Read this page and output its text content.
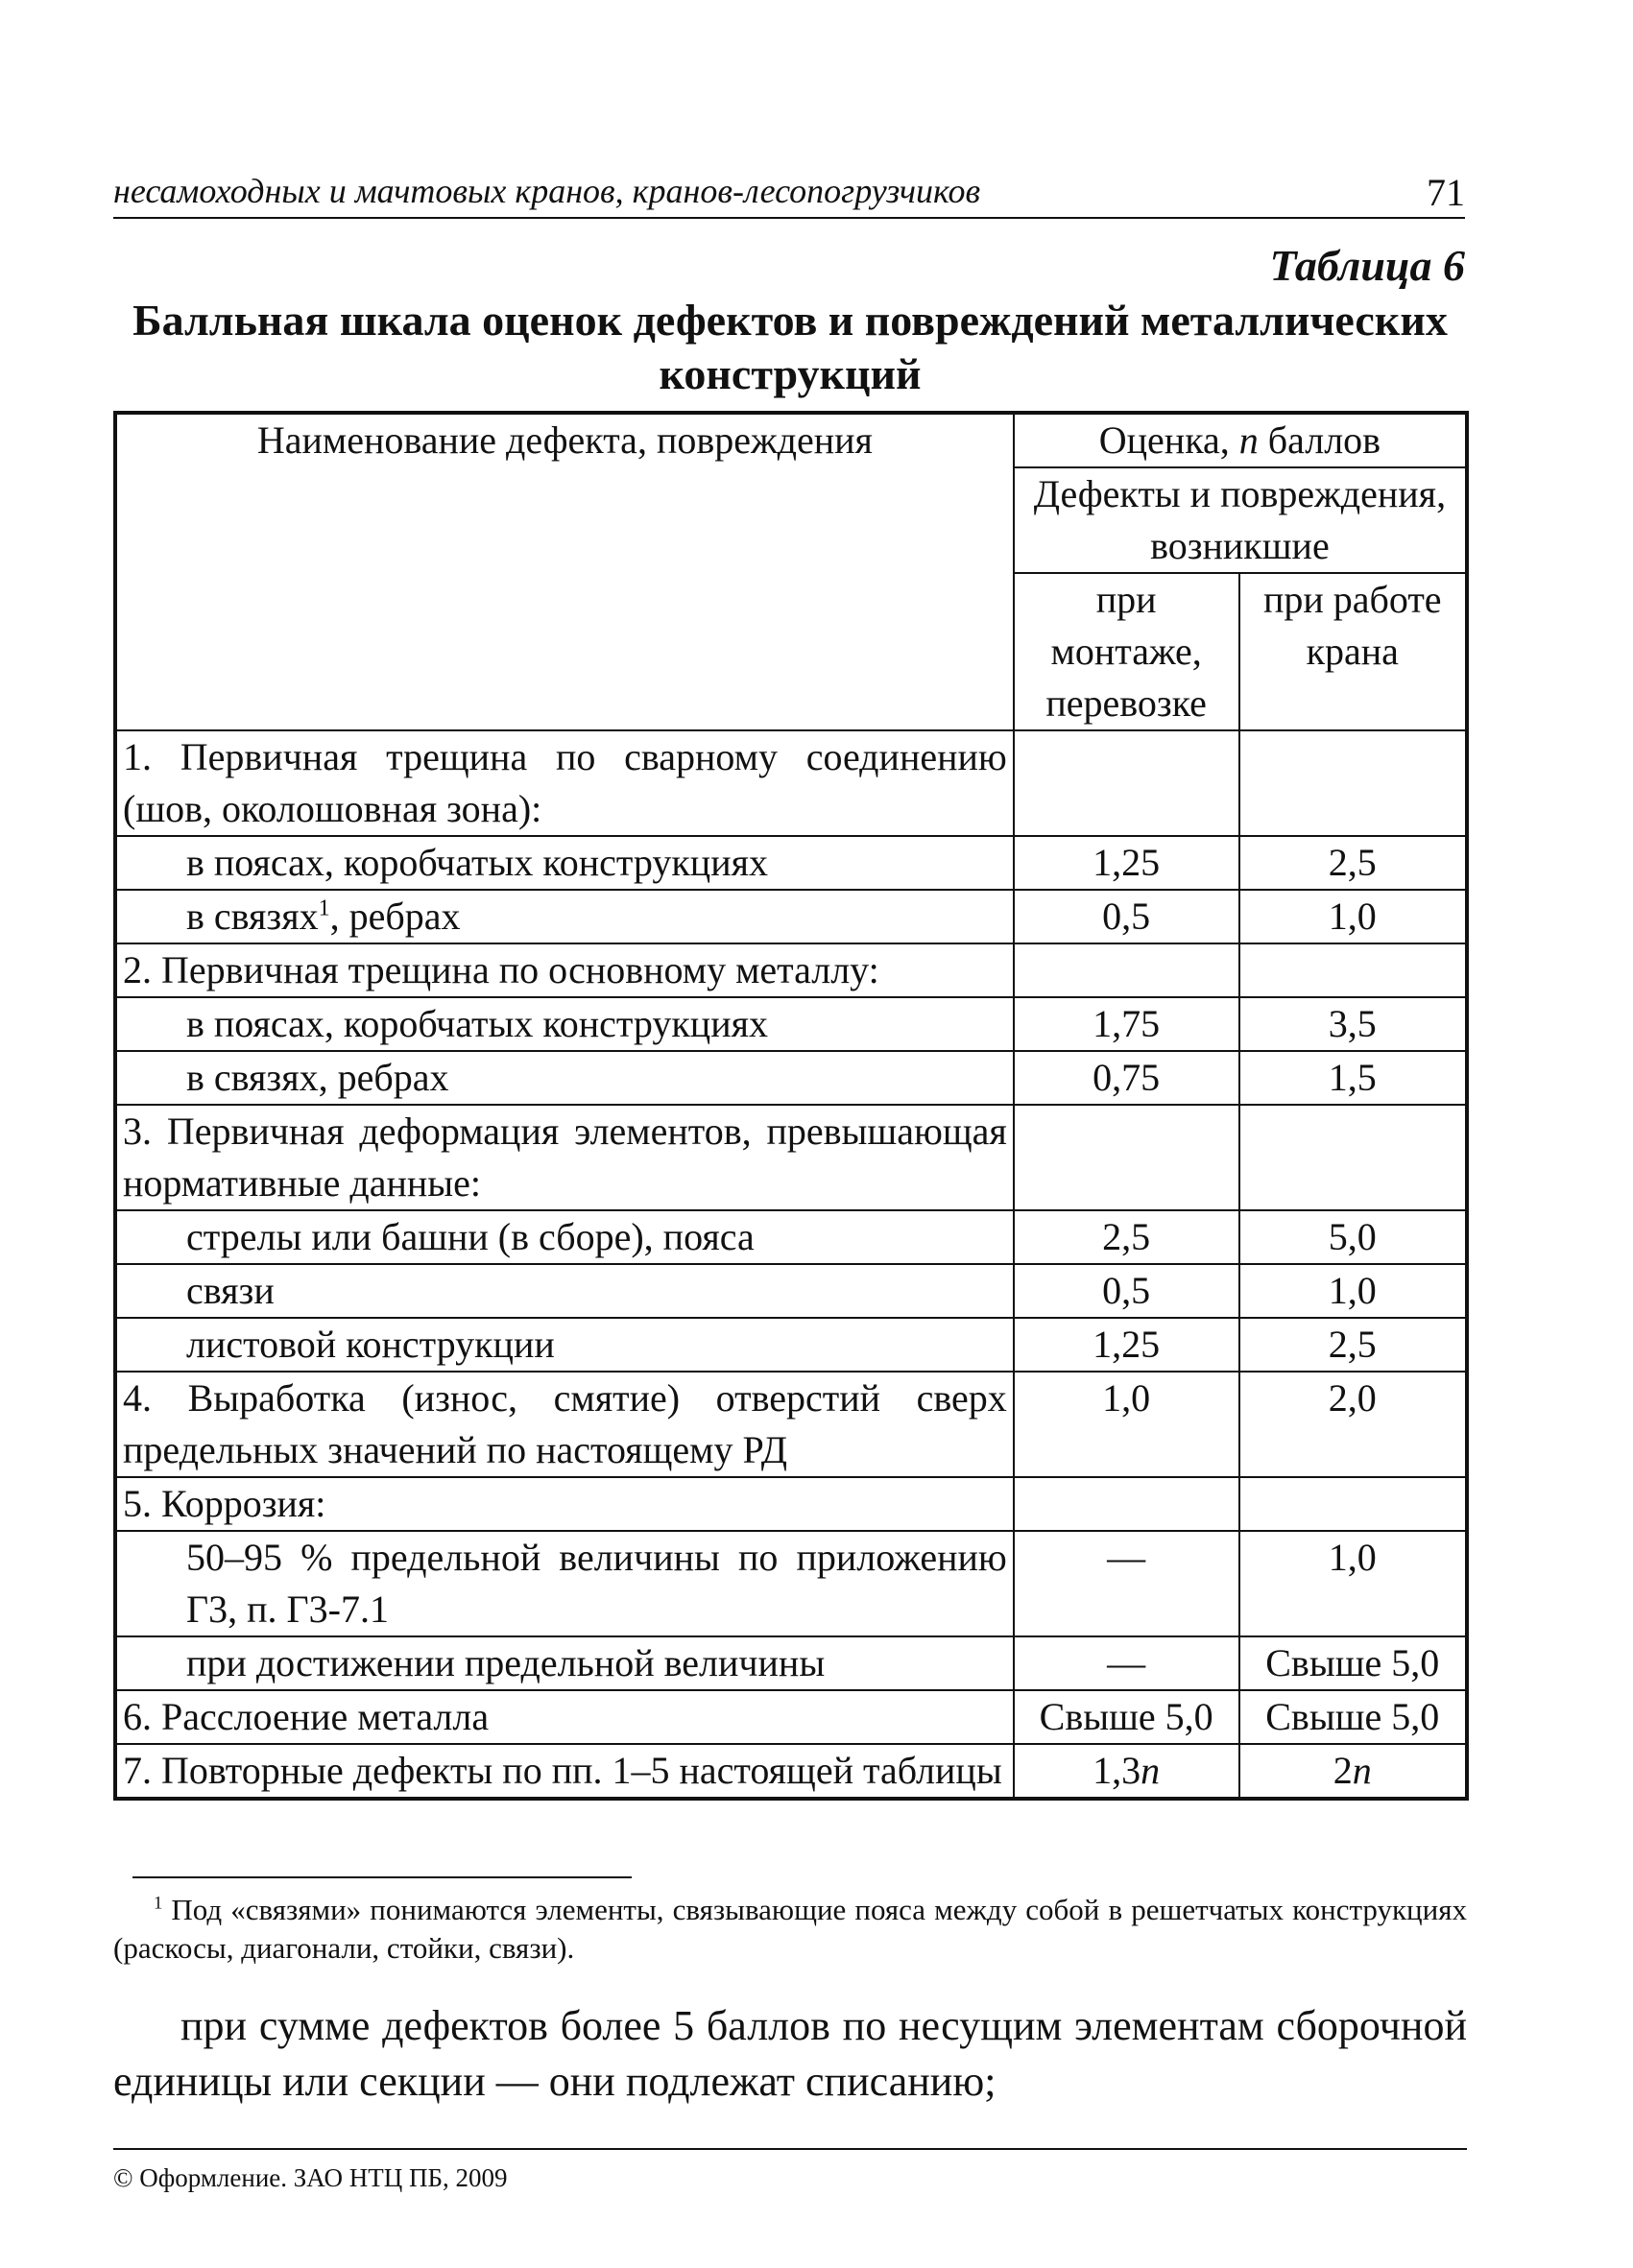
несамоходных и мачтовых кранов, кранов-лесопогрузчиков	71
Таблица 6
Балльная шкала оценок дефектов и повреждений металлических конструкций
Наименование дефекта, повреждения	Оценка, n баллов	
	Дефекты и повреждения, возникшие	
	при монтаже, перевозке	при работе крана
1. Первичная трещина по сварному соединению (шов, околошовная зона):		
в поясах, коробчатых конструкциях	1,25	2,5
в связях$^1$, ребрах	0,5	1,0
2. Первичная трещина по основному металлу:		
в поясах, коробчатых конструкциях	1,75	3,5
в связях, ребрах	0,75	1,5
3. Первичная деформация элементов, превышающая нормативные данные:		
стрелы или башни (в сборе), пояса	2,5	5,0
связи	0,5	1,0
листовой конструкции	1,25	2,5
4. Выработка (износ, смятие) отверстий сверх предельных значений по настоящему РД	1,0	2,0
5. Коррозия:		
50–95 % предельной величины по приложению Г3, п. Г3-7.1	—	1,0
при достижении предельной величины	—	Свыше 5,0
6. Расслоение металла	Свыше 5,0	Свыше 5,0
7. Повторные дефекты по пп. 1–5 настоящей таблицы	1,3n	2n
$^1$ Под «связями» понимаются элементы, связывающие пояса между собой в решетчатых конструкциях (раскосы, диагонали, стойки, связи).
при сумме дефектов более 5 баллов по несущим элементам сборочной единицы или секции — они подлежат списанию;
© Оформление. ЗАО НТЦ ПБ, 2009
